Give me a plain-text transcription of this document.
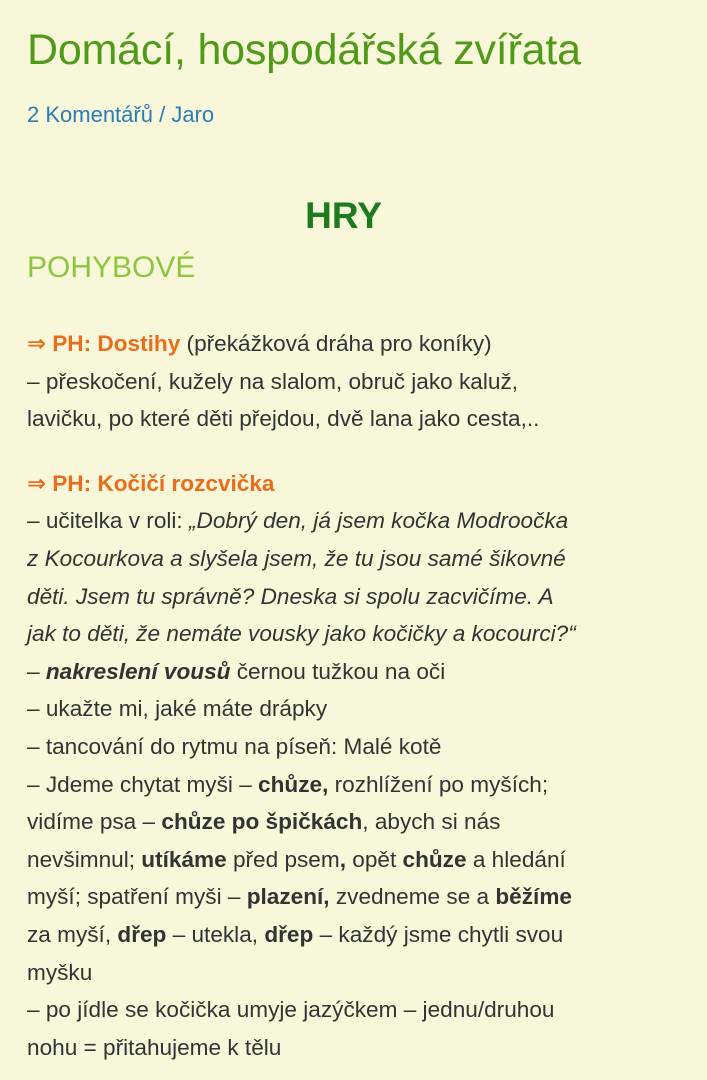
Domácí, hospodářská zvířata
2 Komentářů / Jaro
HRY
POHYBOVÉ
⇒ PH: Dostihy (překážková dráha pro koníky)
– přeskočení, kužely na slalom, obruč jako kaluž,
lavičku, po které děti přejdou, dvě lana jako cesta,..
⇒ PH: Kočičí rozcvička
– učitelka v roli: „Dobrý den, já jsem kočka Modroočka
z Kocourkova a slyšela jsem, že tu jsou samé šikovné
děti. Jsem tu správně? Dneska si spolu zacvičíme. A
jak to děti, že nemáte vousky jako kočičky a kocourci?“
– nakreslení vousů černou tužkou na oči
– ukažte mi, jaké máte drápky
– tancování do rytmu na píseň: Malé kotě
– Jdeme chytat myši – chůze, rozhlížení po myších;
vidíme psa – chůze po špičkách, abych si nás
nevšimnul; utíkáme před psem, opět chůze a hledání
myší; spatření myši – plazení, zvedneme se a běžíme
za myší, dřep – utekla, dřep – každý jsme chytli svou
myšku
– po jídle se kočička umyje jazýčkem – jednu/druhou
nohu = přitahujeme k tělu
